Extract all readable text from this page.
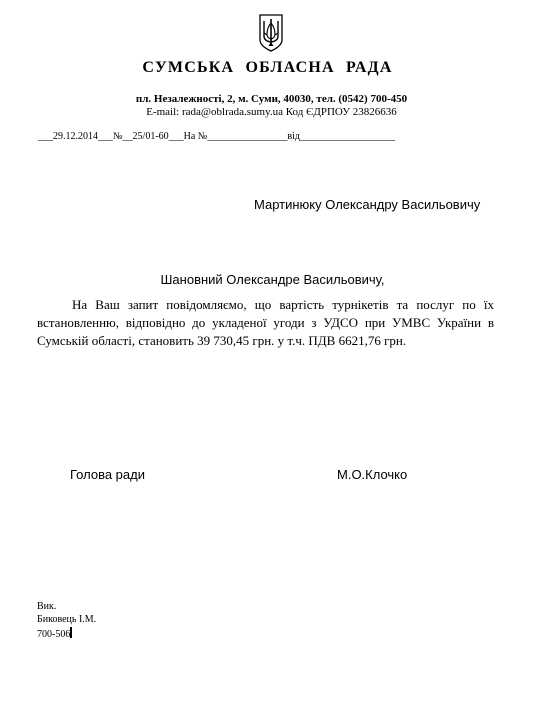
СУМСЬКА ОБЛАСНА РАДА
пл. Незалежності, 2, м. Суми, 40030, тел. (0542) 700-450
E-mail: rada@oblrada.sumy.ua Код ЄДРПОУ 23826636
___29.12.2014___№__25/01-60___На №________________від___________________
Мартинюку Олександру Васильовичу
Шановний Олександре Васильовичу,
На Ваш запит повідомляємо, що вартість турнікетів та послуг по їх встановленню, відповідно до укладеної угоди з УДСО при УМВС України в Сумській області, становить 39 730,45 грн. у т.ч. ПДВ 6621,76 грн.
Голова ради	М.О.Клочко
Вик.
Биковець І.М.
700-506
